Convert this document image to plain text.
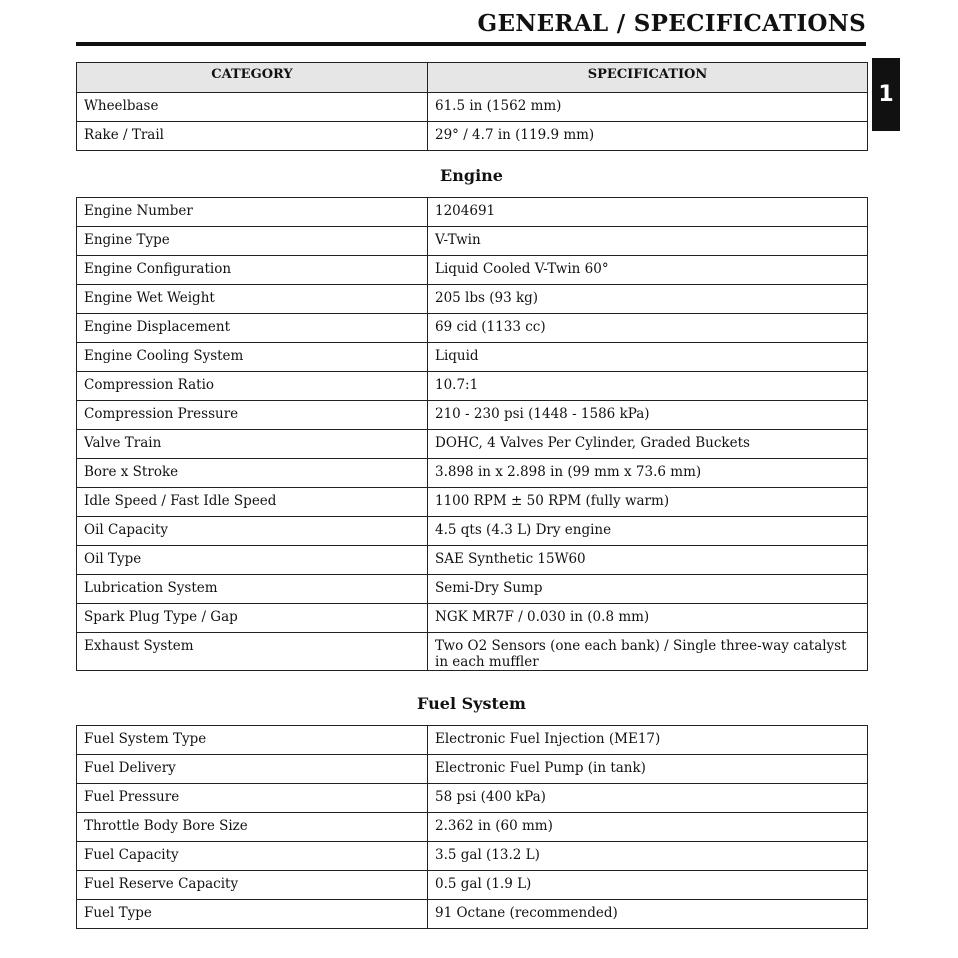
GENERAL / SPECIFICATIONS
1
CATEGORY	SPECIFICATION
Wheelbase	61.5 in (1562 mm)
Rake / Trail	29° / 4.7 in (119.9 mm)
Engine
Engine Number	1204691
Engine Type	V-Twin
Engine Configuration	Liquid Cooled V-Twin 60°
Engine Wet Weight	205 lbs (93 kg)
Engine Displacement	69 cid (1133 cc)
Engine Cooling System	Liquid
Compression Ratio	10.7:1
Compression Pressure	210 - 230 psi (1448 - 1586 kPa)
Valve Train	DOHC, 4 Valves Per Cylinder, Graded Buckets
Bore x Stroke	3.898 in x 2.898 in (99 mm x 73.6 mm)
Idle Speed / Fast Idle Speed	1100 RPM ± 50 RPM (fully warm)
Oil Capacity	4.5 qts (4.3 L) Dry engine
Oil Type	SAE Synthetic 15W60
Lubrication System	Semi-Dry Sump
Spark Plug Type / Gap	NGK MR7F / 0.030 in (0.8 mm)
Exhaust System	Two O2 Sensors (one each bank) / Single three-way catalyst in each muffler
Fuel System
Fuel System Type	Electronic Fuel Injection (ME17)
Fuel Delivery	Electronic Fuel Pump (in tank)
Fuel Pressure	58 psi (400 kPa)
Throttle Body Bore Size	2.362 in (60 mm)
Fuel Capacity	3.5 gal (13.2 L)
Fuel Reserve Capacity	0.5 gal (1.9 L)
Fuel Type	91 Octane (recommended)
